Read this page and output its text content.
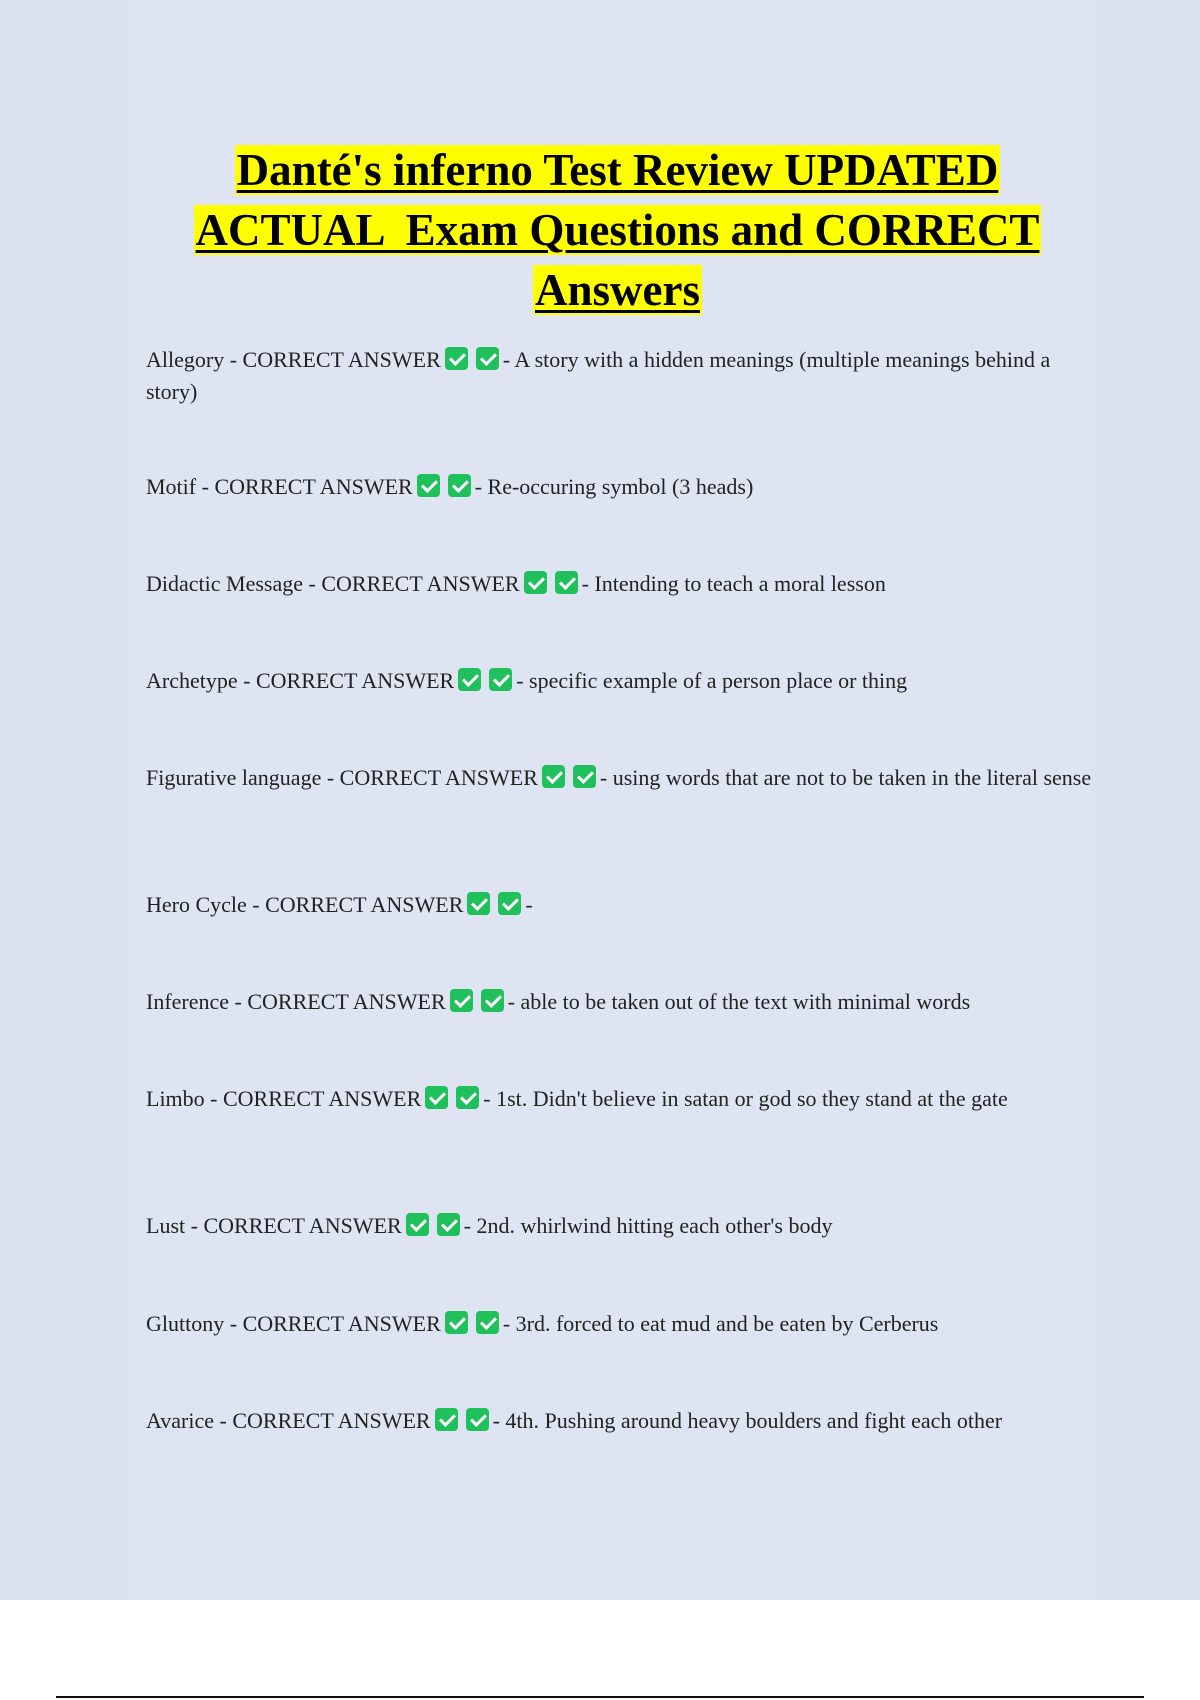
Danté's inferno Test Review UPDATED
ACTUAL  Exam Questions and CORRECT
Answers

Allegory - CORRECT ANSWER	- A story with a hidden meanings (multiple meanings behind a story)

Motif - CORRECT ANSWER	- Re-occuring symbol (3 heads)

Didactic Message - CORRECT ANSWER	- Intending to teach a moral lesson

Archetype - CORRECT ANSWER	- specific example of a person place or thing

Figurative language - CORRECT ANSWER	- using words that are not to be taken in the literal sense

Hero Cycle - CORRECT ANSWER	-

Inference - CORRECT ANSWER	- able to be taken out of the text with minimal words

Limbo - CORRECT ANSWER	- 1st. Didn't believe in satan or god so they stand at the gate

Lust - CORRECT ANSWER	- 2nd. whirlwind hitting each other's body

Gluttony - CORRECT ANSWER	- 3rd. forced to eat mud and be eaten by Cerberus

Avarice - CORRECT ANSWER	- 4th. Pushing around heavy boulders and fight each other
